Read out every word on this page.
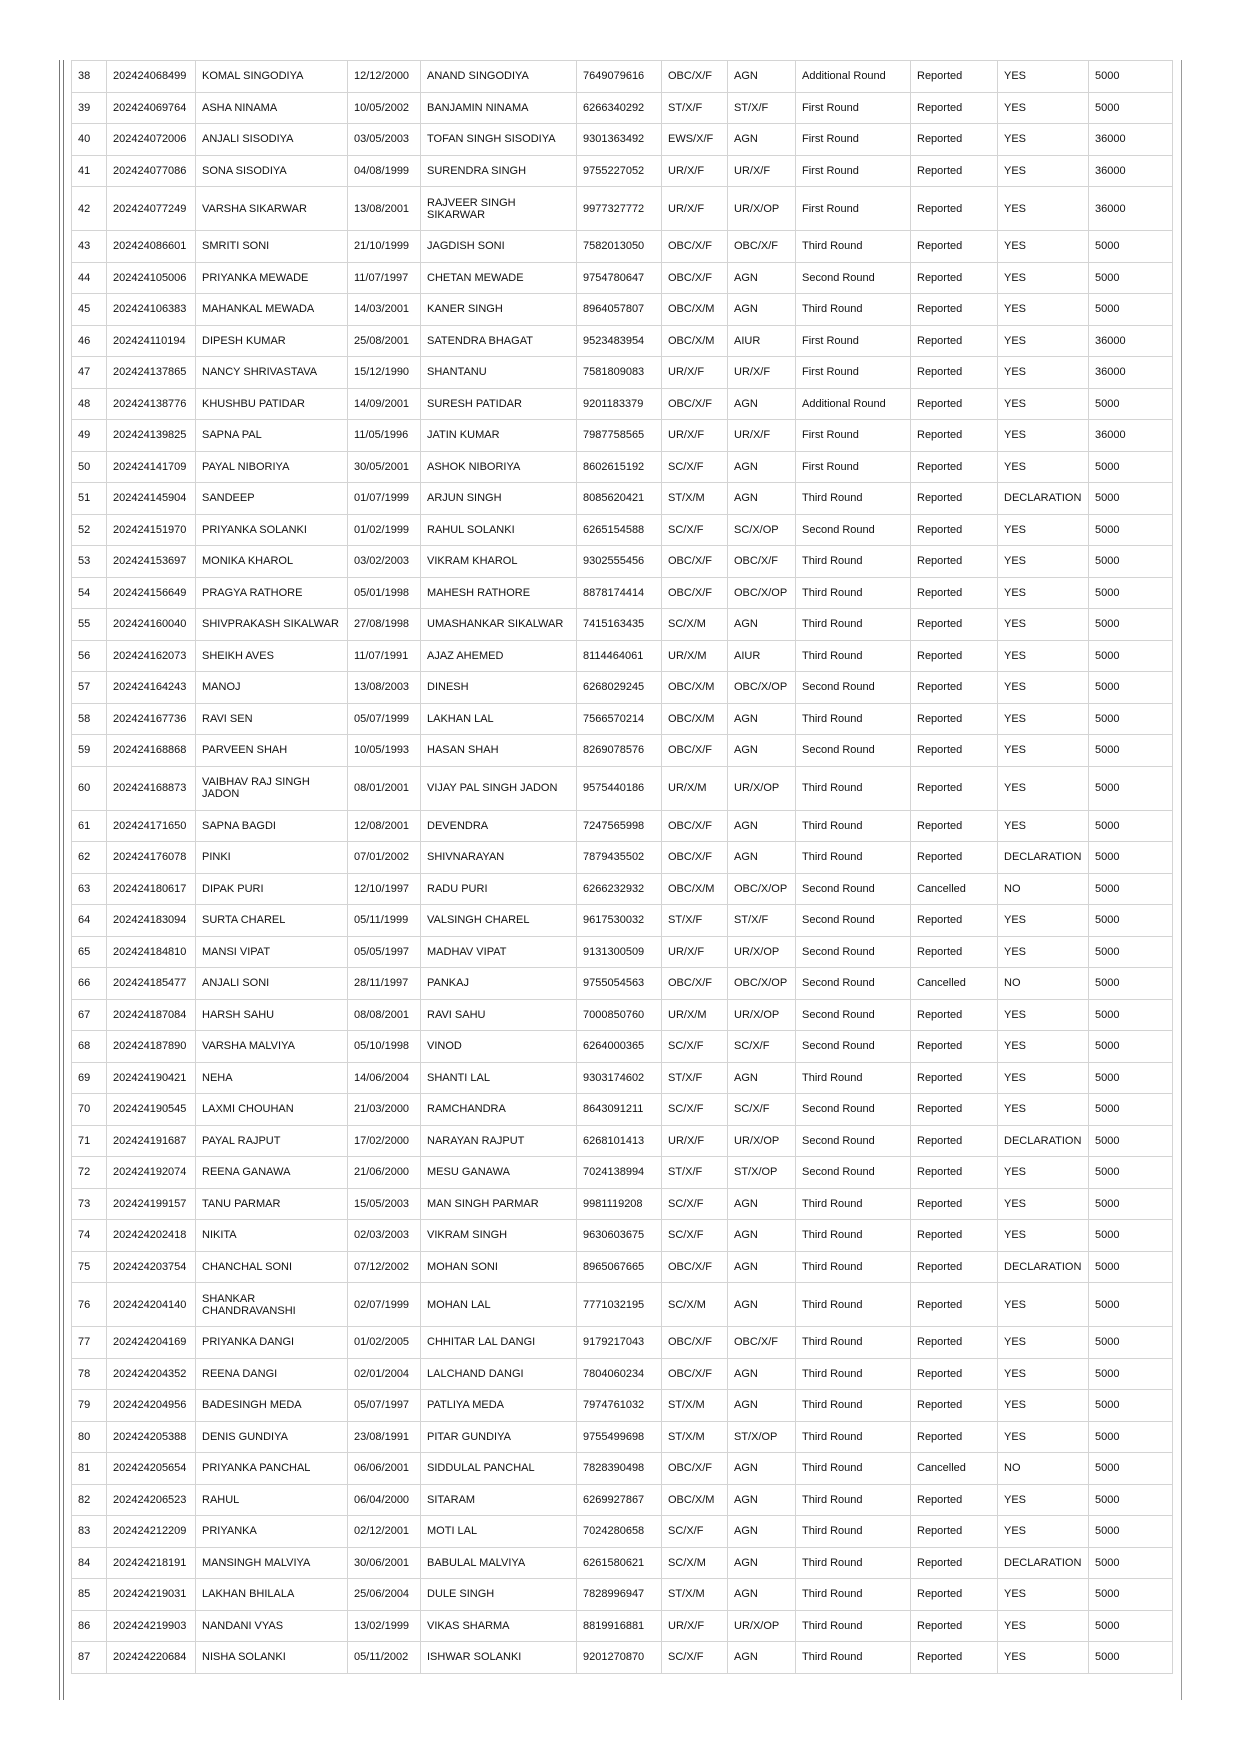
38	202424068499	KOMAL SINGODIYA	12/12/2000	ANAND SINGODIYA	7649079616	OBC/X/F	AGN	Additional Round	Reported	YES	5000
39	202424069764	ASHA NINAMA	10/05/2002	BANJAMIN NINAMA	6266340292	ST/X/F	ST/X/F	First Round	Reported	YES	5000
40	202424072006	ANJALI SISODIYA	03/05/2003	TOFAN SINGH SISODIYA	9301363492	EWS/X/F	AGN	First Round	Reported	YES	36000
41	202424077086	SONA SISODIYA	04/08/1999	SURENDRA SINGH	9755227052	UR/X/F	UR/X/F	First Round	Reported	YES	36000
42	202424077249	VARSHA SIKARWAR	13/08/2001	RAJVEER SINGH SIKARWAR	9977327772	UR/X/F	UR/X/OP	First Round	Reported	YES	36000
43	202424086601	SMRITI SONI	21/10/1999	JAGDISH SONI	7582013050	OBC/X/F	OBC/X/F	Third Round	Reported	YES	5000
44	202424105006	PRIYANKA MEWADE	11/07/1997	CHETAN MEWADE	9754780647	OBC/X/F	AGN	Second Round	Reported	YES	5000
45	202424106383	MAHANKAL MEWADA	14/03/2001	KANER SINGH	8964057807	OBC/X/M	AGN	Third Round	Reported	YES	5000
46	202424110194	DIPESH KUMAR	25/08/2001	SATENDRA BHAGAT	9523483954	OBC/X/M	AIUR	First Round	Reported	YES	36000
47	202424137865	NANCY SHRIVASTAVA	15/12/1990	SHANTANU	7581809083	UR/X/F	UR/X/F	First Round	Reported	YES	36000
48	202424138776	KHUSHBU PATIDAR	14/09/2001	SURESH PATIDAR	9201183379	OBC/X/F	AGN	Additional Round	Reported	YES	5000
49	202424139825	SAPNA PAL	11/05/1996	JATIN KUMAR	7987758565	UR/X/F	UR/X/F	First Round	Reported	YES	36000
50	202424141709	PAYAL NIBORIYA	30/05/2001	ASHOK NIBORIYA	8602615192	SC/X/F	AGN	First Round	Reported	YES	5000
51	202424145904	SANDEEP	01/07/1999	ARJUN SINGH	8085620421	ST/X/M	AGN	Third Round	Reported	DECLARATION	5000
52	202424151970	PRIYANKA SOLANKI	01/02/1999	RAHUL SOLANKI	6265154588	SC/X/F	SC/X/OP	Second Round	Reported	YES	5000
53	202424153697	MONIKA KHAROL	03/02/2003	VIKRAM KHAROL	9302555456	OBC/X/F	OBC/X/F	Third Round	Reported	YES	5000
54	202424156649	PRAGYA RATHORE	05/01/1998	MAHESH RATHORE	8878174414	OBC/X/F	OBC/X/OP	Third Round	Reported	YES	5000
55	202424160040	SHIVPRAKASH SIKALWAR	27/08/1998	UMASHANKAR SIKALWAR	7415163435	SC/X/M	AGN	Third Round	Reported	YES	5000
56	202424162073	SHEIKH AVES	11/07/1991	AJAZ AHEMED	8114464061	UR/X/M	AIUR	Third Round	Reported	YES	5000
57	202424164243	MANOJ	13/08/2003	DINESH	6268029245	OBC/X/M	OBC/X/OP	Second Round	Reported	YES	5000
58	202424167736	RAVI SEN	05/07/1999	LAKHAN LAL	7566570214	OBC/X/M	AGN	Third Round	Reported	YES	5000
59	202424168868	PARVEEN SHAH	10/05/1993	HASAN SHAH	8269078576	OBC/X/F	AGN	Second Round	Reported	YES	5000
60	202424168873	VAIBHAV RAJ SINGH JADON	08/01/2001	VIJAY PAL SINGH JADON	9575440186	UR/X/M	UR/X/OP	Third Round	Reported	YES	5000
61	202424171650	SAPNA BAGDI	12/08/2001	DEVENDRA	7247565998	OBC/X/F	AGN	Third Round	Reported	YES	5000
62	202424176078	PINKI	07/01/2002	SHIVNARAYAN	7879435502	OBC/X/F	AGN	Third Round	Reported	DECLARATION	5000
63	202424180617	DIPAK PURI	12/10/1997	RADU PURI	6266232932	OBC/X/M	OBC/X/OP	Second Round	Cancelled	NO	5000
64	202424183094	SURTA CHAREL	05/11/1999	VALSINGH CHAREL	9617530032	ST/X/F	ST/X/F	Second Round	Reported	YES	5000
65	202424184810	MANSI VIPAT	05/05/1997	MADHAV VIPAT	9131300509	UR/X/F	UR/X/OP	Second Round	Reported	YES	5000
66	202424185477	ANJALI SONI	28/11/1997	PANKAJ	9755054563	OBC/X/F	OBC/X/OP	Second Round	Cancelled	NO	5000
67	202424187084	HARSH SAHU	08/08/2001	RAVI SAHU	7000850760	UR/X/M	UR/X/OP	Second Round	Reported	YES	5000
68	202424187890	VARSHA MALVIYA	05/10/1998	VINOD	6264000365	SC/X/F	SC/X/F	Second Round	Reported	YES	5000
69	202424190421	NEHA	14/06/2004	SHANTI LAL	9303174602	ST/X/F	AGN	Third Round	Reported	YES	5000
70	202424190545	LAXMI CHOUHAN	21/03/2000	RAMCHANDRA	8643091211	SC/X/F	SC/X/F	Second Round	Reported	YES	5000
71	202424191687	PAYAL RAJPUT	17/02/2000	NARAYAN RAJPUT	6268101413	UR/X/F	UR/X/OP	Second Round	Reported	DECLARATION	5000
72	202424192074	REENA GANAWA	21/06/2000	MESU GANAWA	7024138994	ST/X/F	ST/X/OP	Second Round	Reported	YES	5000
73	202424199157	TANU PARMAR	15/05/2003	MAN SINGH PARMAR	9981119208	SC/X/F	AGN	Third Round	Reported	YES	5000
74	202424202418	NIKITA	02/03/2003	VIKRAM SINGH	9630603675	SC/X/F	AGN	Third Round	Reported	YES	5000
75	202424203754	CHANCHAL SONI	07/12/2002	MOHAN SONI	8965067665	OBC/X/F	AGN	Third Round	Reported	DECLARATION	5000
76	202424204140	SHANKAR CHANDRAVANSHI	02/07/1999	MOHAN LAL	7771032195	SC/X/M	AGN	Third Round	Reported	YES	5000
77	202424204169	PRIYANKA DANGI	01/02/2005	CHHITAR LAL DANGI	9179217043	OBC/X/F	OBC/X/F	Third Round	Reported	YES	5000
78	202424204352	REENA DANGI	02/01/2004	LALCHAND DANGI	7804060234	OBC/X/F	AGN	Third Round	Reported	YES	5000
79	202424204956	BADESINGH MEDA	05/07/1997	PATLIYA MEDA	7974761032	ST/X/M	AGN	Third Round	Reported	YES	5000
80	202424205388	DENIS GUNDIYA	23/08/1991	PITAR GUNDIYA	9755499698	ST/X/M	ST/X/OP	Third Round	Reported	YES	5000
81	202424205654	PRIYANKA PANCHAL	06/06/2001	SIDDULAL PANCHAL	7828390498	OBC/X/F	AGN	Third Round	Cancelled	NO	5000
82	202424206523	RAHUL	06/04/2000	SITARAM	6269927867	OBC/X/M	AGN	Third Round	Reported	YES	5000
83	202424212209	PRIYANKA	02/12/2001	MOTI LAL	7024280658	SC/X/F	AGN	Third Round	Reported	YES	5000
84	202424218191	MANSINGH MALVIYA	30/06/2001	BABULAL MALVIYA	6261580621	SC/X/M	AGN	Third Round	Reported	DECLARATION	5000
85	202424219031	LAKHAN BHILALA	25/06/2004	DULE SINGH	7828996947	ST/X/M	AGN	Third Round	Reported	YES	5000
86	202424219903	NANDANI VYAS	13/02/1999	VIKAS SHARMA	8819916881	UR/X/F	UR/X/OP	Third Round	Reported	YES	5000
87	202424220684	NISHA SOLANKI	05/11/2002	ISHWAR SOLANKI	9201270870	SC/X/F	AGN	Third Round	Reported	YES	5000
